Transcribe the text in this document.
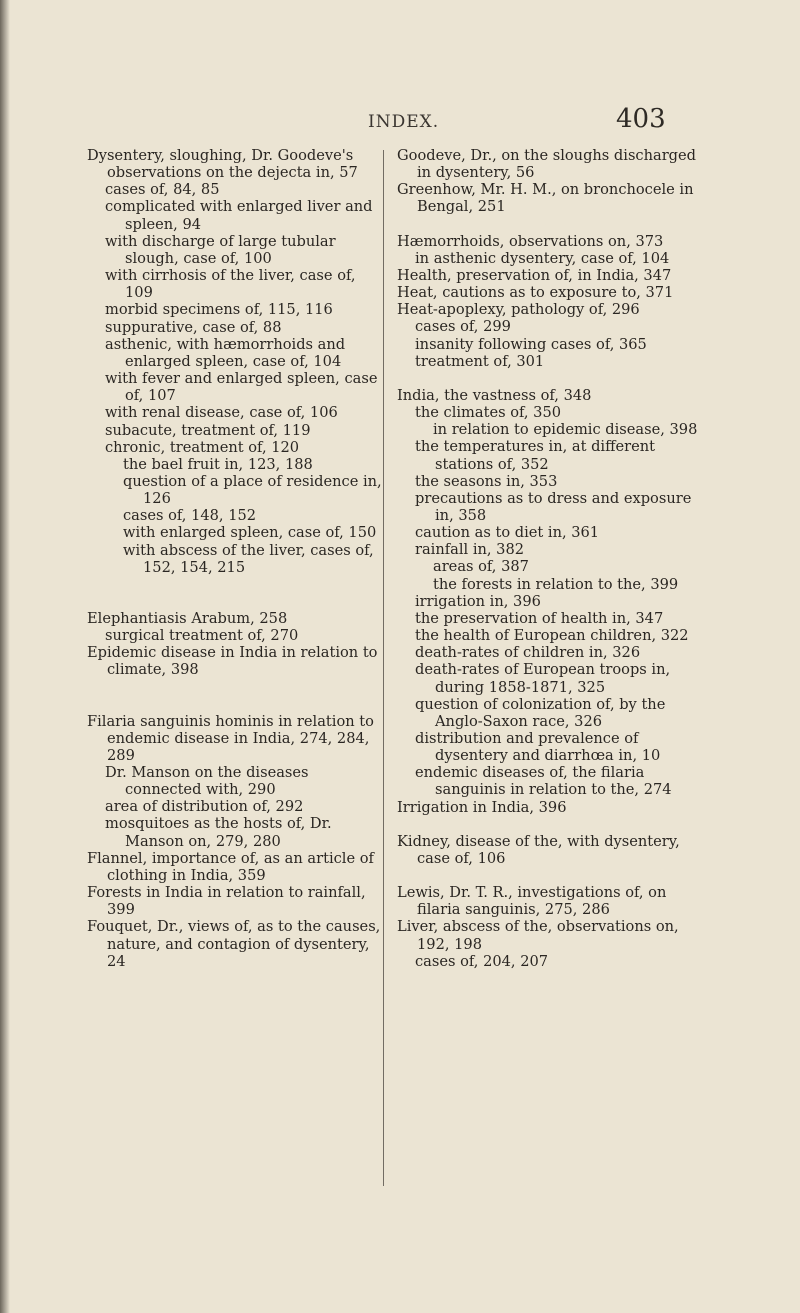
INDEX.	403
Dysentery, sloughing, Dr. Goodeve's observations on the dejecta in, 57
cases of, 84, 85
complicated with enlarged liver and spleen, 94
with discharge of large tubular slough, case of, 100
with cirrhosis of the liver, case of, 109
morbid specimens of, 115, 116
suppurative, case of, 88
asthenic, with hæmorrhoids and enlarged spleen, case of, 104
with fever and enlarged spleen, case of, 107
with renal disease, case of, 106
subacute, treatment of, 119
chronic, treatment of, 120
the bael fruit in, 123, 188
question of a place of residence in, 126
cases of, 148, 152
with enlarged spleen, case of, 150
with abscess of the liver, cases of, 152, 154, 215
Elephantiasis Arabum, 258
surgical treatment of, 270
Epidemic disease in India in relation to climate, 398
Filaria sanguinis hominis in relation to endemic disease in India, 274, 284, 289
Dr. Manson on the diseases connected with, 290
area of distribution of, 292
mosquitoes as the hosts of, Dr. Manson on, 279, 280
Flannel, importance of, as an article of clothing in India, 359
Forests in India in relation to rainfall, 399
Fouquet, Dr., views of, as to the causes, nature, and contagion of dysentery, 24
Goodeve, Dr., on the sloughs discharged in dysentery, 56
Greenhow, Mr. H. M., on bronchocele in Bengal, 251
Hæmorrhoids, observations on, 373
in asthenic dysentery, case of, 104
Health, preservation of, in India, 347
Heat, cautions as to exposure to, 371
Heat-apoplexy, pathology of, 296
cases of, 299
insanity following cases of, 365
treatment of, 301
India, the vastness of, 348
the climates of, 350
in relation to epidemic disease, 398
the temperatures in, at different stations of, 352
the seasons in, 353
precautions as to dress and exposure in, 358
caution as to diet in, 361
rainfall in, 382
areas of, 387
the forests in relation to the, 399
irrigation in, 396
the preservation of health in, 347
the health of European children, 322
death-rates of children in, 326
death-rates of European troops in, during 1858-1871, 325
question of colonization of, by the Anglo-Saxon race, 326
distribution and prevalence of dysentery and diarrhœa in, 10
endemic diseases of, the filaria sanguinis in relation to the, 274
Irrigation in India, 396
Kidney, disease of the, with dysentery, case of, 106
Lewis, Dr. T. R., investigations of, on filaria sanguinis, 275, 286
Liver, abscess of the, observations on, 192, 198
cases of, 204, 207
